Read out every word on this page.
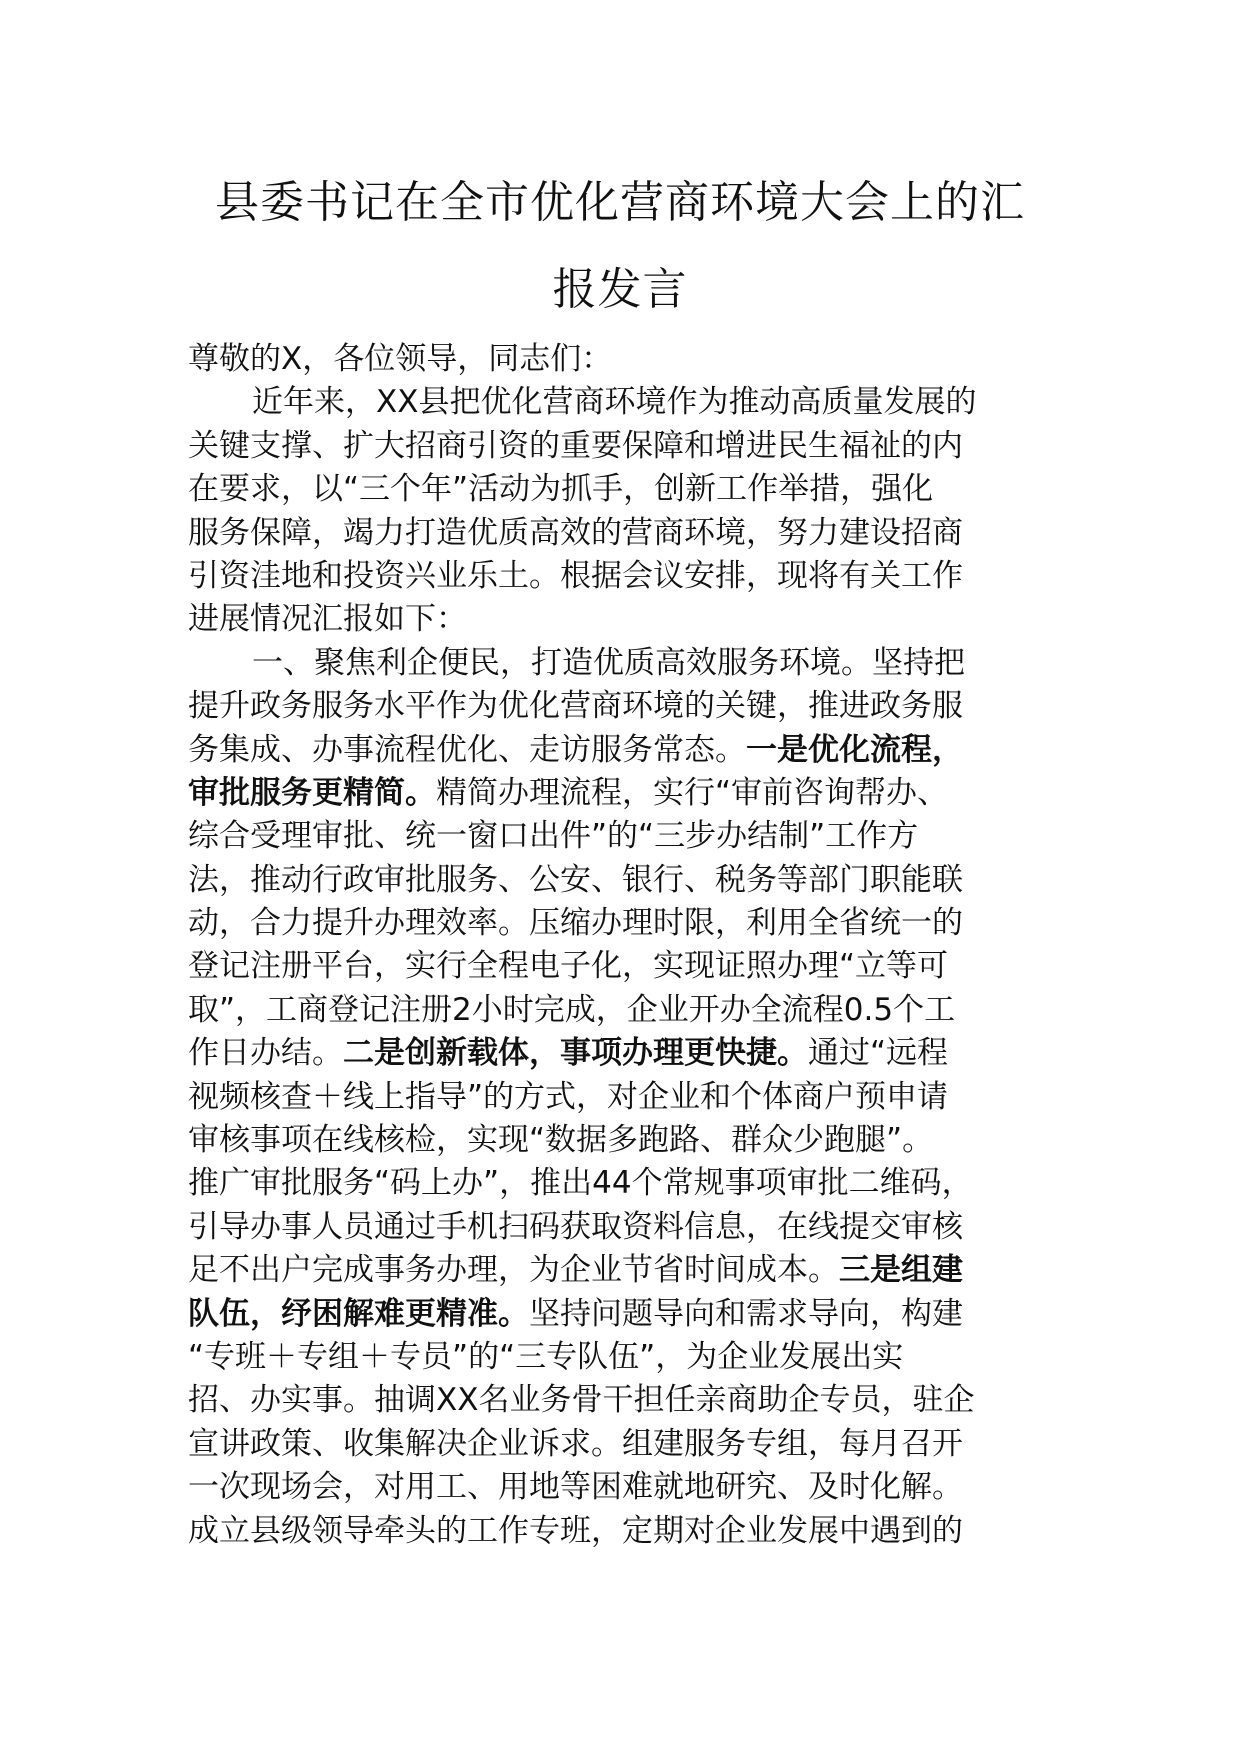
县委书记在全市优化营商环境大会上的汇
报发言
尊敬的X，各位领导，同志们：
近年来，XX县把优化营商环境作为推动高质量发展的
关键支撑、扩大招商引资的重要保障和增进民生福祉的内
在要求，以“三个年”活动为抓手，创新工作举措，强化
服务保障，竭力打造优质高效的营商环境，努力建设招商
引资洼地和投资兴业乐土。根据会议安排，现将有关工作
进展情况汇报如下：
一、聚焦利企便民，打造优质高效服务环境。坚持把
提升政务服务水平作为优化营商环境的关键，推进政务服
务集成、办事流程优化、走访服务常态。一是优化流程，
审批服务更精简。精简办理流程，实行“审前咨询帮办、
综合受理审批、统一窗口出件”的“三步办结制”工作方
法，推动行政审批服务、公安、银行、税务等部门职能联
动，合力提升办理效率。压缩办理时限，利用全省统一的
登记注册平台，实行全程电子化，实现证照办理“立等可
取”，工商登记注册2小时完成，企业开办全流程0.5个工
作日办结。二是创新载体，事项办理更快捷。通过“远程
视频核查＋线上指导”的方式，对企业和个体商户预申请
审核事项在线核检，实现“数据多跑路、群众少跑腿”。
推广审批服务“码上办”，推出44个常规事项审批二维码，
引导办事人员通过手机扫码获取资料信息，在线提交审核
足不出户完成事务办理，为企业节省时间成本。三是组建
队伍，纾困解难更精准。坚持问题导向和需求导向，构建
“专班＋专组＋专员”的“三专队伍”，为企业发展出实
招、办实事。抽调XX名业务骨干担任亲商助企专员，驻企
宣讲政策、收集解决企业诉求。组建服务专组，每月召开
一次现场会，对用工、用地等困难就地研究、及时化解。
成立县级领导牵头的工作专班，定期对企业发展中遇到的
